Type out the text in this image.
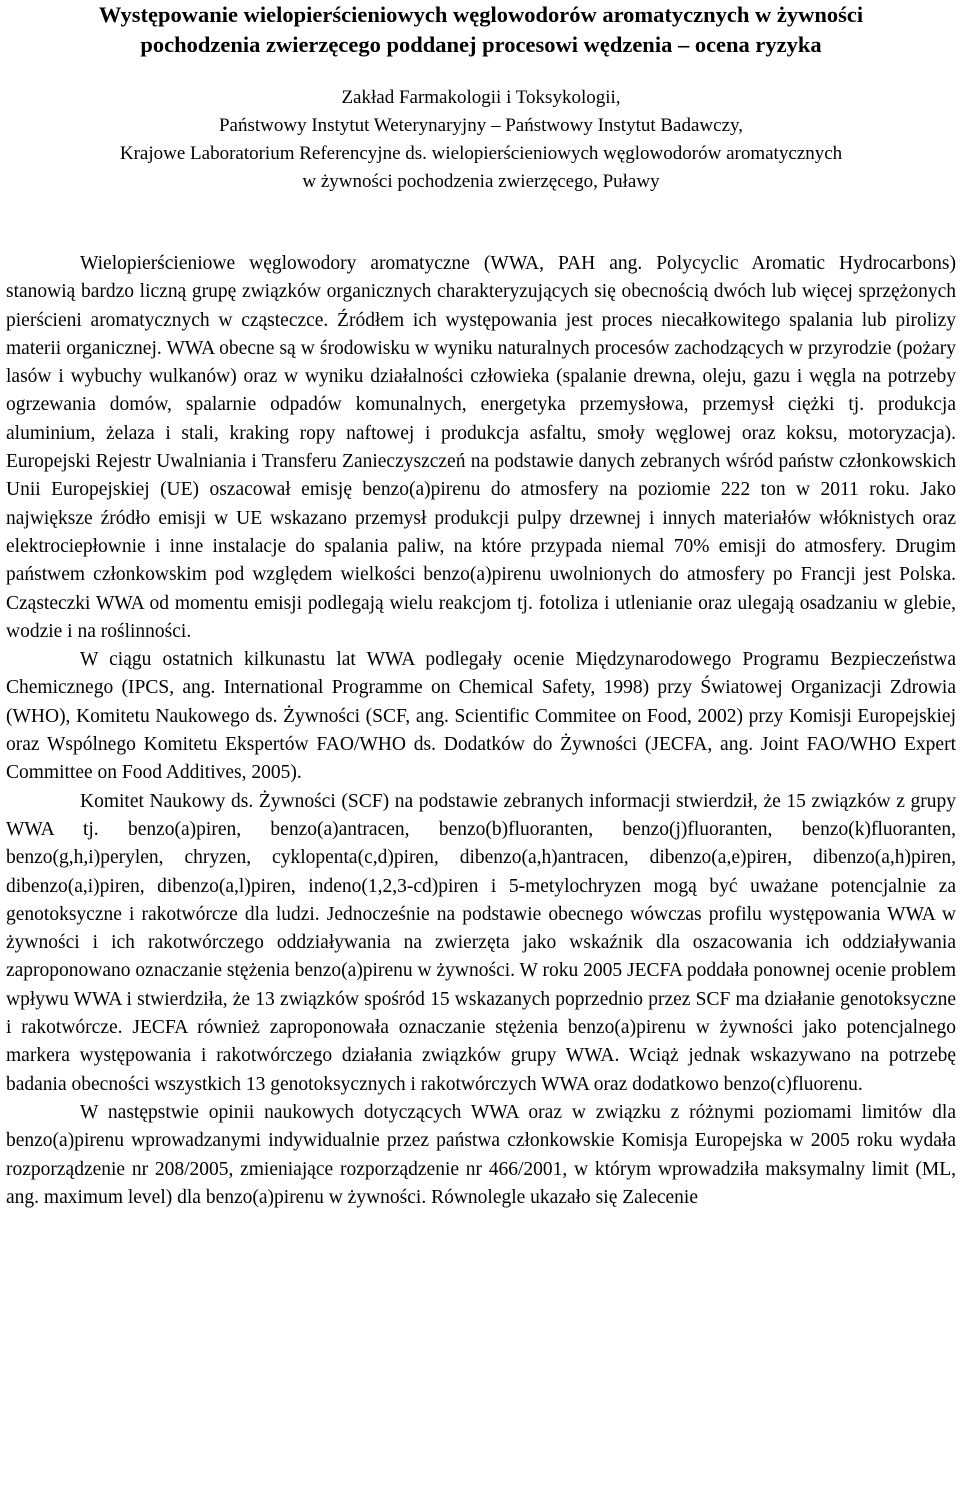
Występowanie wielopierścieniowych węglowodorów aromatycznych w żywności
pochodzenia zwierzęcego poddanej procesowi wędzenia – ocena ryzyka

Zakład Farmakologii i Toksykologii,

Państwowy Instytut Weterynaryjny – Państwowy Instytut Badawczy,

Krajowe Laboratorium Referencyjne ds. wielopierścieniowych węglowodorów aromatycznych

w żywności pochodzenia zwierzęcego, Puławy

Wielopierścieniowe węglowodory aromatyczne (WWA, PAH ang. Polycyclic Aromatic Hydrocarbons) stanowią bardzo liczną grupę związków organicznych charakteryzujących się obecnością dwóch lub więcej sprzężonych pierścieni aromatycznych w cząsteczce. Źródłem ich występowania jest proces niecałkowitego spalania lub pirolizy materii organicznej. WWA obecne są w środowisku w wyniku naturalnych procesów zachodzących w przyrodzie (pożary lasów i wybuchy wulkanów) oraz w wyniku działalności człowieka (spalanie drewna, oleju, gazu i węgla na potrzeby ogrzewania domów, spalarnie odpadów komunalnych, energetyka przemysłowa, przemysł ciężki tj. produkcja aluminium, żelaza i stali, kraking ropy naftowej i produkcja asfaltu, smoły węglowej oraz koksu, motoryzacja). Europejski Rejestr Uwalniania i Transferu Zanieczyszczeń na podstawie danych zebranych wśród państw członkowskich Unii Europejskiej (UE) oszacował emisję benzo(a)pirenu do atmosfery na poziomie 222 ton w 2011 roku. Jako największe źródło emisji w UE wskazano przemysł produkcji pulpy drzewnej i innych materiałów włóknistych oraz elektrociepłownie i inne instalacje do spalania paliw, na które przypada niemal 70% emisji do atmosfery. Drugim państwem członkowskim pod względem wielkości benzo(a)pirenu uwolnionych do atmosfery po Francji jest Polska. Cząsteczki WWA od momentu emisji podlegają wielu reakcjom tj. fotoliza i utlenianie oraz ulegają osadzaniu w glebie, wodzie i na roślinności.

W ciągu ostatnich kilkunastu lat WWA podlegały ocenie Międzynarodowego Programu Bezpieczeństwa Chemicznego (IPCS, ang. International Programme on Chemical Safety, 1998) przy Światowej Organizacji Zdrowia (WHO), Komitetu Naukowego ds. Żywności (SCF, ang. Scientific Commitee on Food, 2002) przy Komisji Europejskiej oraz Wspólnego Komitetu Ekspertów FAO/WHO ds. Dodatków do Żywności (JECFA, ang. Joint FAO/WHO Expert Committee on Food Additives, 2005).

Komitet Naukowy ds. Żywności (SCF) na podstawie zebranych informacji stwierdził, że 15 związków z grupy WWA tj. benzo(a)piren, benzo(a)antracen, benzo(b)fluoranten, benzo(j)fluoranten, benzo(k)fluoranten, benzo(g,h,i)perylen, chryzen, cyklopenta(c,d)piren, dibenzo(a,h)antracen, dibenzo(a,e)pirен, dibenzo(a,h)piren, dibenzo(a,i)piren, dibenzo(a,l)piren, indeno(1,2,3-cd)piren i 5-metylochryzen mogą być uważane potencjalnie za genotoksyczne i rakotwórcze dla ludzi. Jednocześnie na podstawie obecnego wówczas profilu występowania WWA w żywności i ich rakotwórczego oddziaływania na zwierzęta jako wskaźnik dla oszacowania ich oddziaływania zaproponowano oznaczanie stężenia benzo(a)pirenu w żywności. W roku 2005 JECFA poddała ponownej ocenie problem wpływu WWA i stwierdziła, że 13 związków spośród 15 wskazanych poprzednio przez SCF ma działanie genotoksyczne i rakotwórcze. JECFA również zaproponowała oznaczanie stężenia benzo(a)pirenu w żywności jako potencjalnego markera występowania i rakotwórczego działania związków grupy WWA. Wciąż jednak wskazywano na potrzebę badania obecności wszystkich 13 genotoksycznych i rakotwórczych WWA oraz dodatkowo benzo(c)fluorenu.

W następstwie opinii naukowych dotyczących WWA oraz w związku z różnymi poziomami limitów dla benzo(a)pirenu wprowadzanymi indywidualnie przez państwa członkowskie Komisja Europejska w 2005 roku wydała rozporządzenie nr 208/2005, zmieniające rozporządzenie nr 466/2001, w którym wprowadziła maksymalny limit (ML, ang. maximum level) dla benzo(a)pirenu w żywności. Równolegle ukazało się Zalecenie
